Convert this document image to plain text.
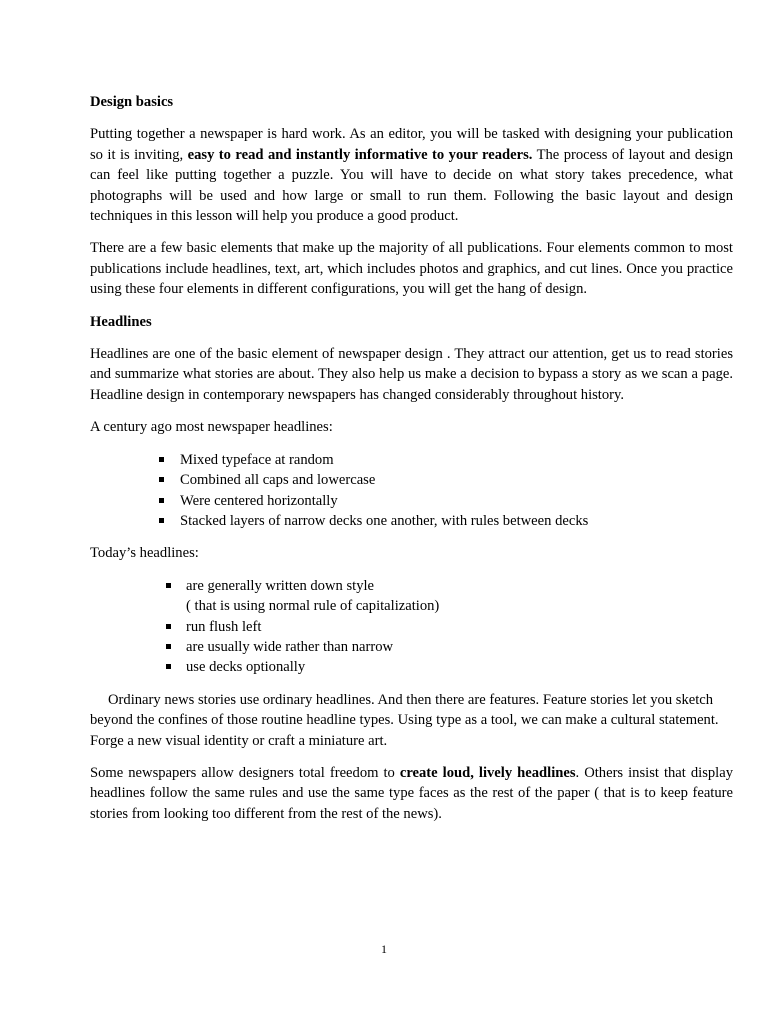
Design basics

Putting together a newspaper is hard work. As an editor, you will be tasked with designing your publication so it is inviting, easy to read and instantly informative to your readers. The process of layout and design can feel like putting together a puzzle. You will have to decide on what story takes precedence, what photographs will be used and how large or small to run them. Following the basic layout and design techniques in this lesson will help you produce a good product.

There are a few basic elements that make up the majority of all publications. Four elements common to most publications include headlines, text, art, which includes photos and graphics, and cut lines. Once you practice using these four elements in different configurations, you will get the hang of design.

Headlines

Headlines are one of the basic element of newspaper design . They attract our attention, get us to read stories and summarize what stories are about. They also help us make a decision to bypass a story as we scan a page. Headline design in contemporary newspapers has changed considerably throughout history.

A century ago most newspaper headlines:

Mixed typeface at random
Combined all caps and lowercase
Were centered horizontally
Stacked layers of narrow decks one another, with rules between decks

Today’s headlines:

are generally written down style
( that is using normal rule of capitalization)
run flush left
are usually wide rather than narrow
use decks optionally

Ordinary news stories use ordinary headlines. And then there are features. Feature stories let you sketch beyond the confines of those routine headline types. Using type as a tool, we can make a cultural statement. Forge a new visual identity or craft a miniature art.

Some newspapers allow designers total freedom to create loud, lively headlines. Others insist that display headlines follow the same rules and use the same type faces as the rest of the paper ( that is to keep feature stories from looking too different from the rest of the news).

1
